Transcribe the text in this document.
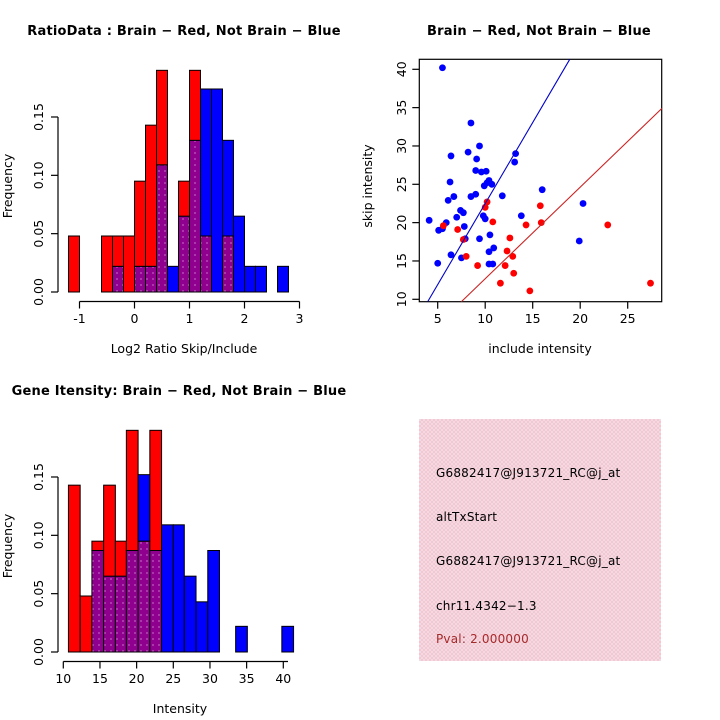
0.00
0.05
0.10
0.15
-1	0	1	2	3
RatioData : Brain − Red, Not Brain − Blue
Log2 Ratio Skip/Include
Frequency
10
15
20
25
30
35
40
5	10	15	20	25
Brain − Red, Not Brain − Blue
include intensity
skip intensity
0.00
0.05
0.10
0.15
10 15 20 25 30 35 40
Gene Itensity: Brain − Red, Not Brain − Blue
Intensity
Frequency
G6882417@J913721_RC@j_at
altTxStart
G6882417@J913721_RC@j_at
chr11.4342−1.3
Pval: 2.000000
